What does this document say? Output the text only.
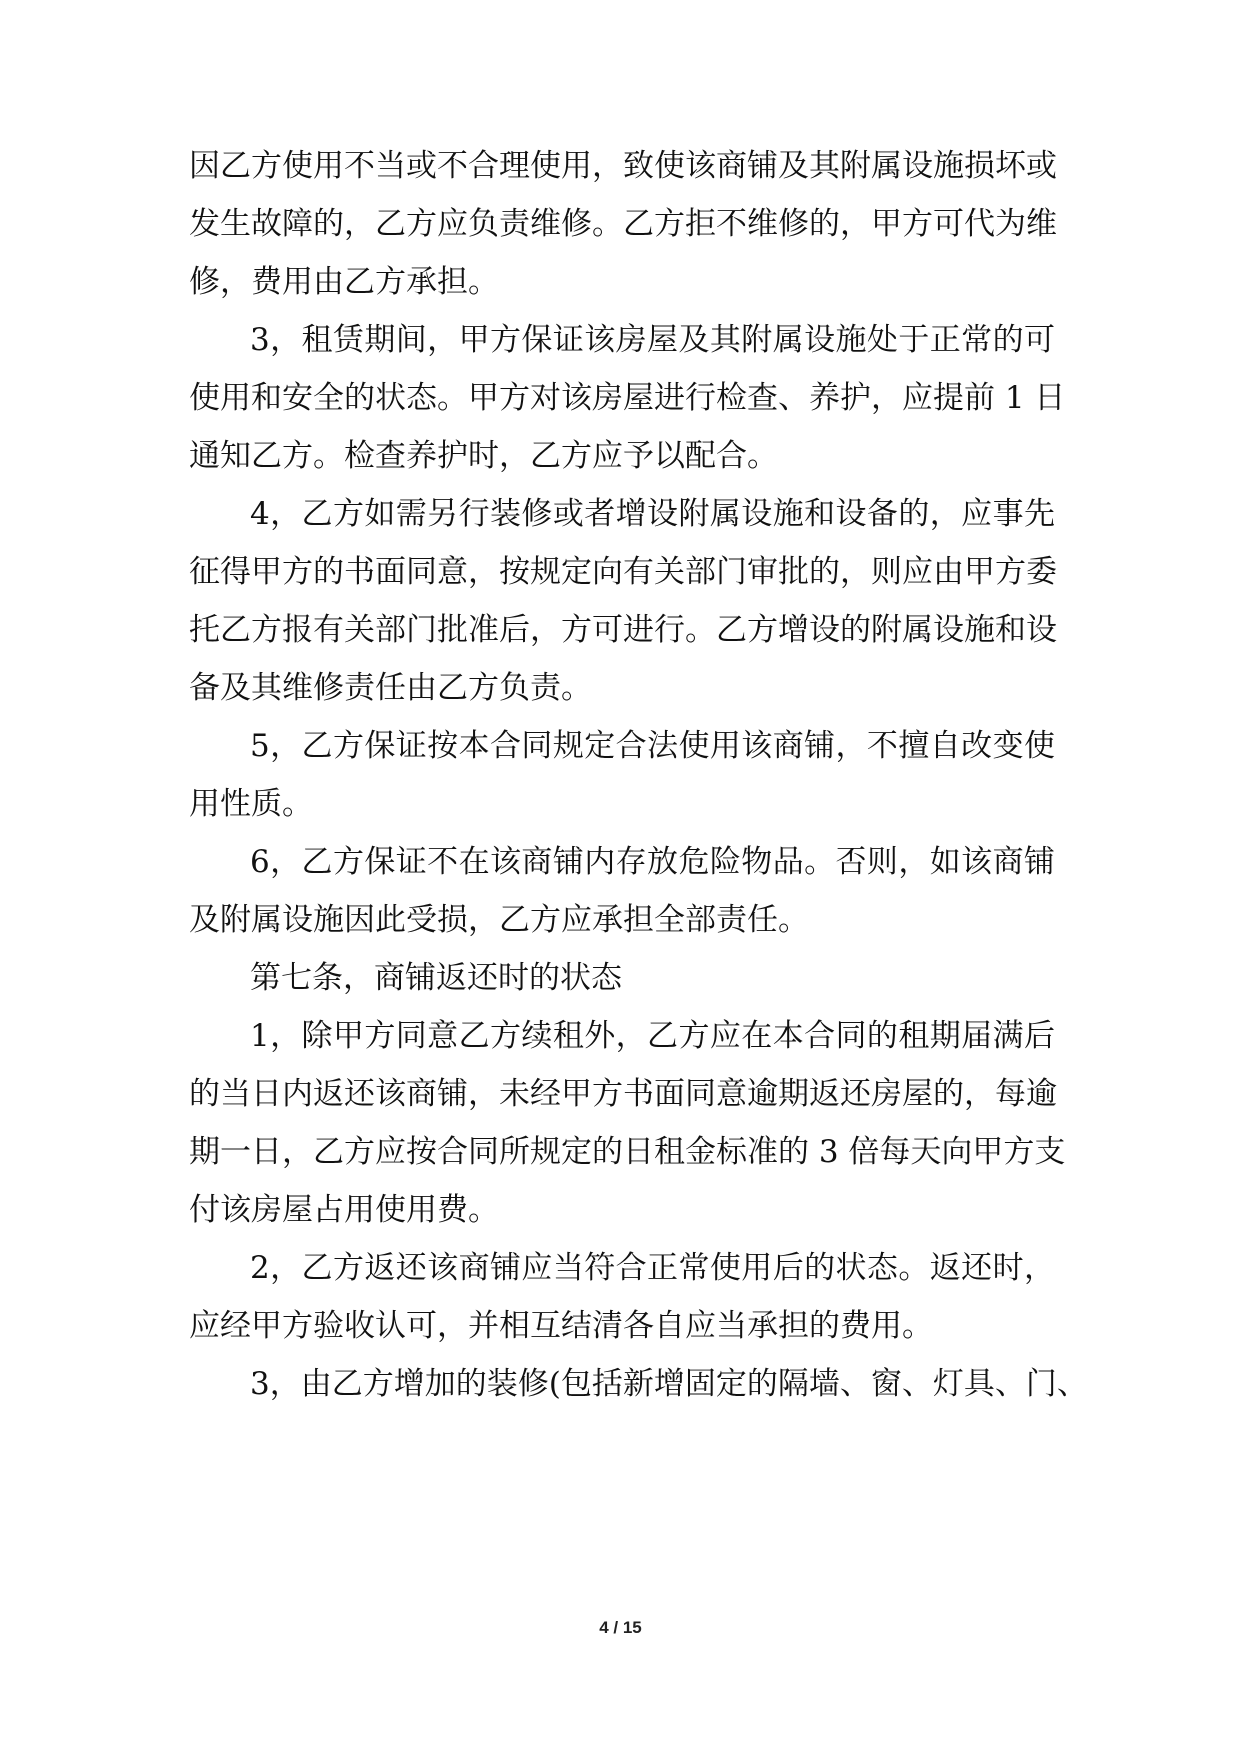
因乙方使用不当或不合理使用，致使该商铺及其附属设施损坏或
发生故障的，乙方应负责维修。乙方拒不维修的，甲方可代为维
修，费用由乙方承担。
3，租赁期间，甲方保证该房屋及其附属设施处于正常的可
使用和安全的状态。甲方对该房屋进行检查、养护，应提前 1 日
通知乙方。检查养护时，乙方应予以配合。
4，乙方如需另行装修或者增设附属设施和设备的，应事先
征得甲方的书面同意，按规定向有关部门审批的，则应由甲方委
托乙方报有关部门批准后，方可进行。乙方增设的附属设施和设
备及其维修责任由乙方负责。
5，乙方保证按本合同规定合法使用该商铺，不擅自改变使
用性质。
6，乙方保证不在该商铺内存放危险物品。否则，如该商铺
及附属设施因此受损，乙方应承担全部责任。
第七条，商铺返还时的状态
1，除甲方同意乙方续租外，乙方应在本合同的租期届满后
的当日内返还该商铺，未经甲方书面同意逾期返还房屋的，每逾
期一日，乙方应按合同所规定的日租金标准的 3 倍每天向甲方支
付该房屋占用使用费。
2，乙方返还该商铺应当符合正常使用后的状态。返还时，
应经甲方验收认可，并相互结清各自应当承担的费用。
3，由乙方增加的装修(包括新增固定的隔墙、窗、灯具、门、
4 / 15
